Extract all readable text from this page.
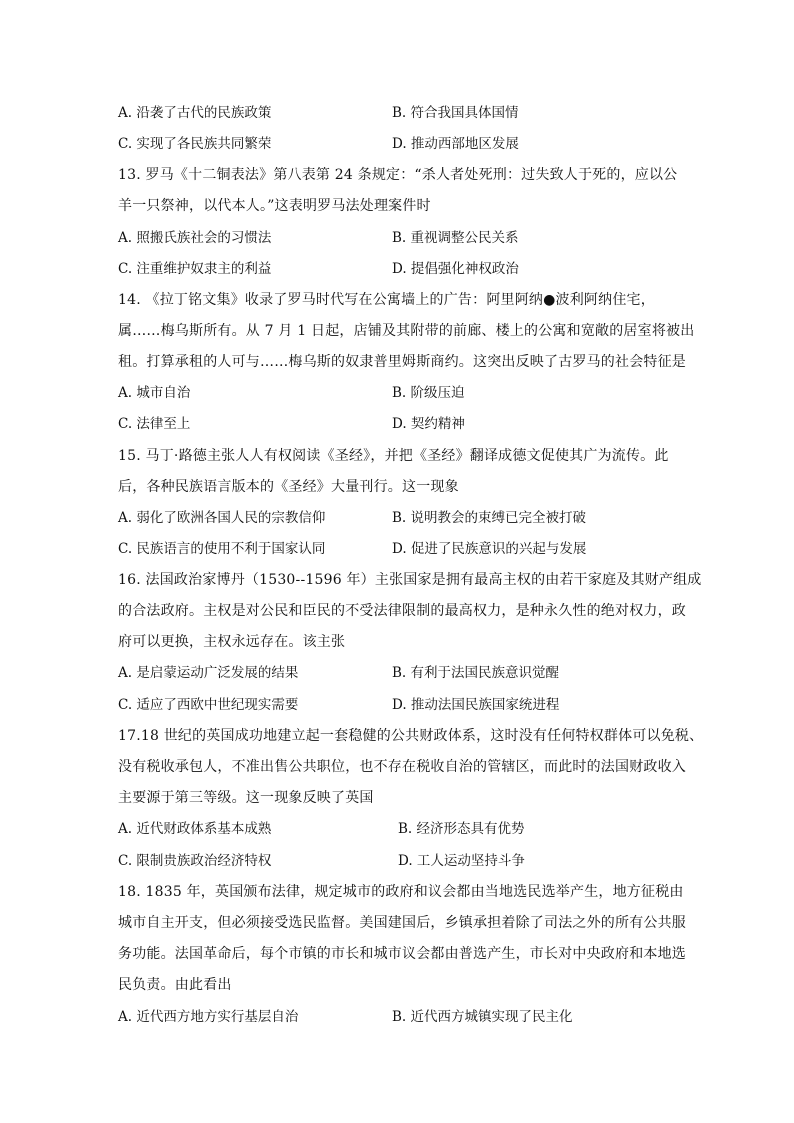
A. 沿袭了古代的民族政策	B. 符合我国具体国情
C. 实现了各民族共同繁荣	D. 推动西部地区发展
13. 罗马《十二铜表法》第八表第 24 条规定：“杀人者处死刑：过失致人于死的，应以公
羊一只祭神，以代本人。”这表明罗马法处理案件时
A. 照搬氏族社会的习惯法	B. 重视调整公民关系
C. 注重维护奴隶主的利益	D. 提倡强化神权政治
14. 《拉丁铭文集》收录了罗马时代写在公寓墙上的广告：阿里阿纳●波利阿纳住宅，
属……梅乌斯所有。从 7 月 1 日起，店铺及其附带的前廊、楼上的公寓和宽敞的居室将被出
租。打算承租的人可与……梅乌斯的奴隶普里姆斯商约。这突出反映了古罗马的社会特征是
A. 城市自治	B. 阶级压迫
C. 法律至上	D. 契约精神
15. 马丁·路德主张人人有权阅读《圣经》，并把《圣经》翻译成德文促使其广为流传。此
后，各种民族语言版本的《圣经》大量刊行。这一现象
A. 弱化了欧洲各国人民的宗教信仰	B. 说明教会的束缚已完全被打破
C. 民族语言的使用不利于国家认同	D. 促进了民族意识的兴起与发展
16. 法国政治家博丹（1530--1596 年）主张国家是拥有最高主权的由若干家庭及其财产组成
的合法政府。主权是对公民和臣民的不受法律限制的最高权力，是种永久性的绝对权力，政
府可以更换，主权永远存在。该主张
A. 是启蒙运动广泛发展的结果	B. 有利于法国民族意识觉醒
C. 适应了西欧中世纪现实需要	D. 推动法国民族国家统进程
17.18 世纪的英国成功地建立起一套稳健的公共财政体系，这时没有任何特权群体可以免税、
没有税收承包人，不准出售公共职位，也不存在税收自治的管辖区，而此时的法国财政收入
主要源于第三等级。这一现象反映了英国
A. 近代财政体系基本成熟	B. 经济形态具有优势
C. 限制贵族政治经济特权	D. 工人运动坚持斗争
18. 1835 年，英国颁布法律，规定城市的政府和议会都由当地选民选举产生，地方征税由
城市自主开支，但必须接受选民监督。美国建国后，乡镇承担着除了司法之外的所有公共服
务功能。法国革命后，每个市镇的市长和城市议会都由普选产生，市长对中央政府和本地选
民负责。由此看出
A. 近代西方地方实行基层自治	B. 近代西方城镇实现了民主化
